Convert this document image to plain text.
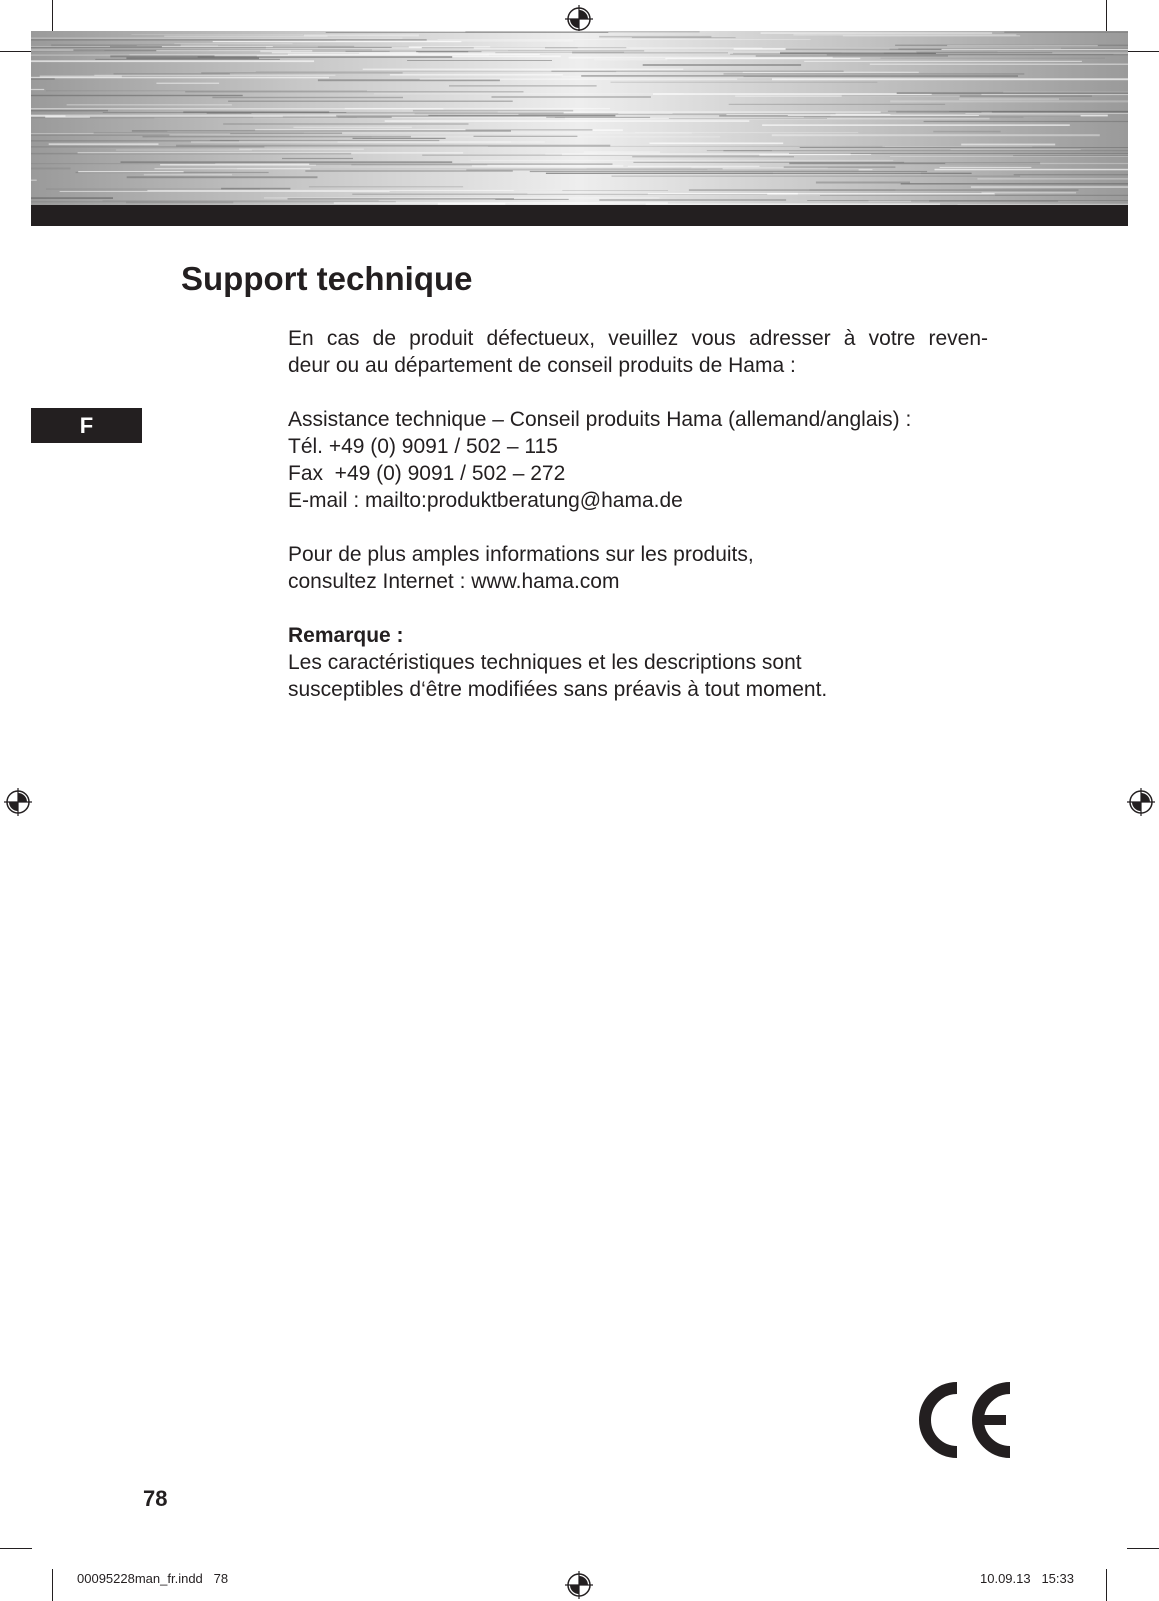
F
Support technique

En cas de produit défectueux, veuillez vous adresser à votre reven-
deur ou au département de conseil produits de Hama :

Assistance technique – Conseil produits Hama (allemand/anglais) :
Tél. +49 (0) 9091 / 502 – 115
Fax  +49 (0) 9091 / 502 – 272
E-mail : mailto:produktberatung@hama.de

Pour de plus amples informations sur les produits,
consultez Internet : www.hama.com

Remarque :
Les caractéristiques techniques et les descriptions sont
susceptibles d‘être modifiées sans préavis à tout moment.

78
00095228man_fr.indd   78	10.09.13   15:33
